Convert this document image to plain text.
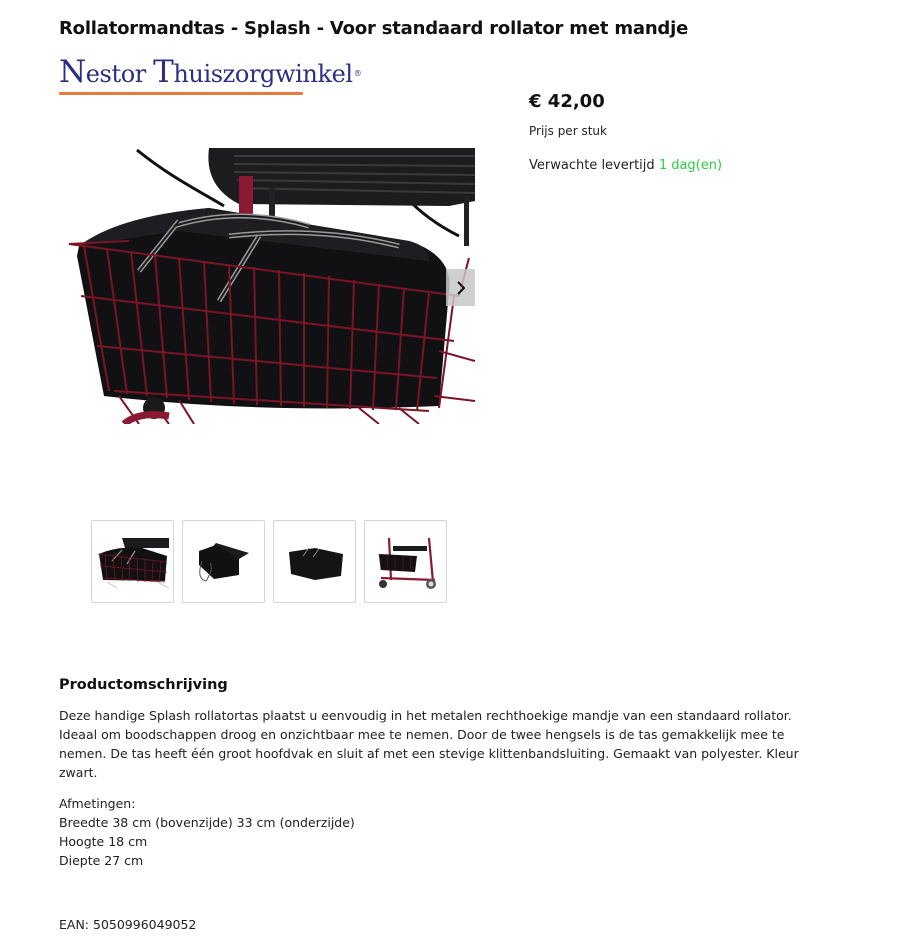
Rollatormandtas - Splash - Voor standaard rollator met mandje
Nestor Thuiszorgwinkel®
€ 42,00
Prijs per stuk
Verwachte levertijd 1 dag(en)
Productomschrijving

Deze handige Splash rollatortas plaatst u eenvoudig in het metalen rechthoekige mandje van een standaard rollator. Ideaal om boodschappen droog en onzichtbaar mee te nemen. Door de twee hengsels is de tas gemakkelijk mee te nemen. De tas heeft één groot hoofdvak en sluit af met een stevige klittenbandsluiting. Gemaakt van polyester. Kleur zwart.

Afmetingen:
Breedte 38 cm (bovenzijde) 33 cm (onderzijde)
Hoogte 18 cm
Diepte 27 cm
EAN: 5050996049052
